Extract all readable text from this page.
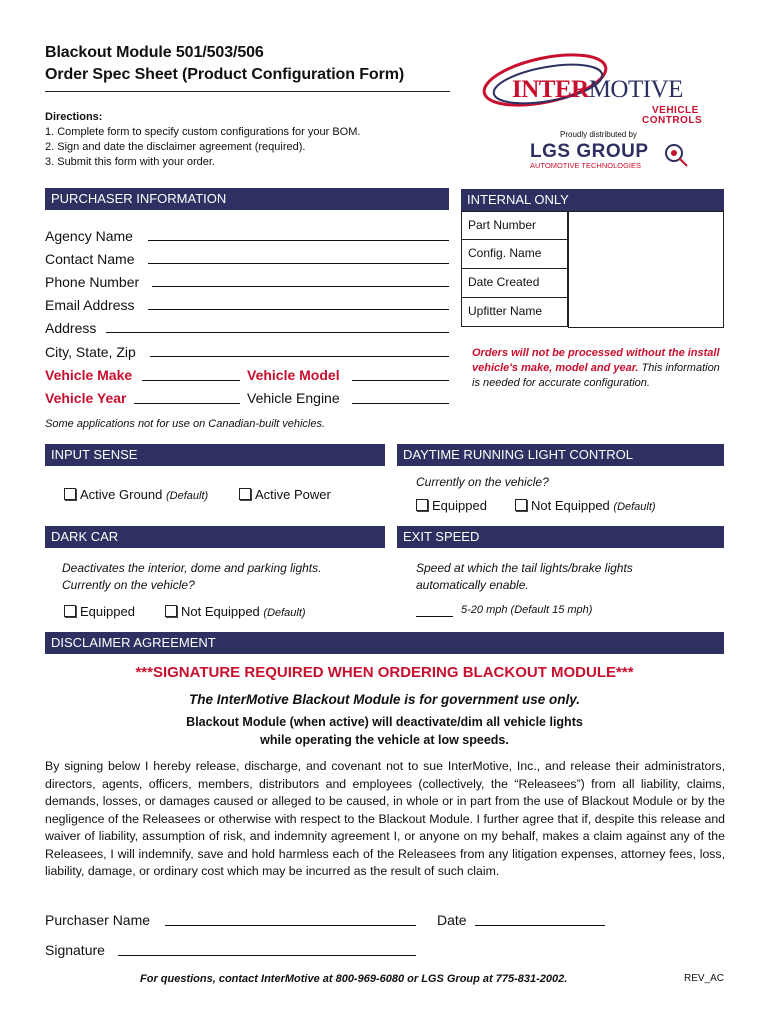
Blackout Module 501/503/506
Order Spec Sheet (Product Configuration Form)
INTERMOTIVE
VEHICLE
CONTROLS
Proudly distributed by
LGS GROUP
AUTOMOTIVE TECHNOLOGIES
Directions:
1. Complete form to specify custom configurations for your BOM.
2. Sign and date the disclaimer agreement (required).
3. Submit this form with your order.
PURCHASER INFORMATION
Agency Name
Contact Name
Phone Number
Email Address
Address
City, State, Zip
Vehicle Make	Vehicle Model
Vehicle Year	Vehicle Engine
Some applications not for use on Canadian-built vehicles.
INTERNAL ONLY
Part Number
Config. Name
Date Created
Upfitter Name
Orders will not be processed without the install vehicle's make, model and year. This information is needed for accurate configuration.
INPUT SENSE
Active Ground (Default)	Active Power
DAYTIME RUNNING LIGHT CONTROL
Currently on the vehicle?
Equipped	Not Equipped (Default)
DARK CAR
Deactivates the interior, dome and parking lights.
Currently on the vehicle?
Equipped	Not Equipped (Default)
EXIT SPEED
Speed at which the tail lights/brake lights
automatically enable.
5-20 mph (Default 15 mph)
DISCLAIMER AGREEMENT
***SIGNATURE REQUIRED WHEN ORDERING BLACKOUT MODULE***
The InterMotive Blackout Module is for government use only.
Blackout Module (when active) will deactivate/dim all vehicle lights
while operating the vehicle at low speeds.
By signing below I hereby release, discharge, and covenant not to sue InterMotive, Inc., and release their administrators, directors, agents, officers, members, distributors and employees (collectively, the “Releasees”) from all liability, claims, demands, losses, or damages caused or alleged to be caused, in whole or in part from the use of Blackout Module or by the negligence of the Releasees or otherwise with respect to the Blackout Module. I further agree that if, despite this release and waiver of liability, assumption of risk, and indemnity agreement I, or anyone on my behalf, makes a claim against any of the Releasees, I will indemnify, save and hold harmless each of the Releasees from any litigation expenses, attorney fees, loss, liability, damage, or ordinary cost which may be incurred as the result of such claim.
Purchaser Name	Date
Signature
For questions, contact InterMotive at 800-969-6080 or LGS Group at 775-831-2002.	REV_AC
